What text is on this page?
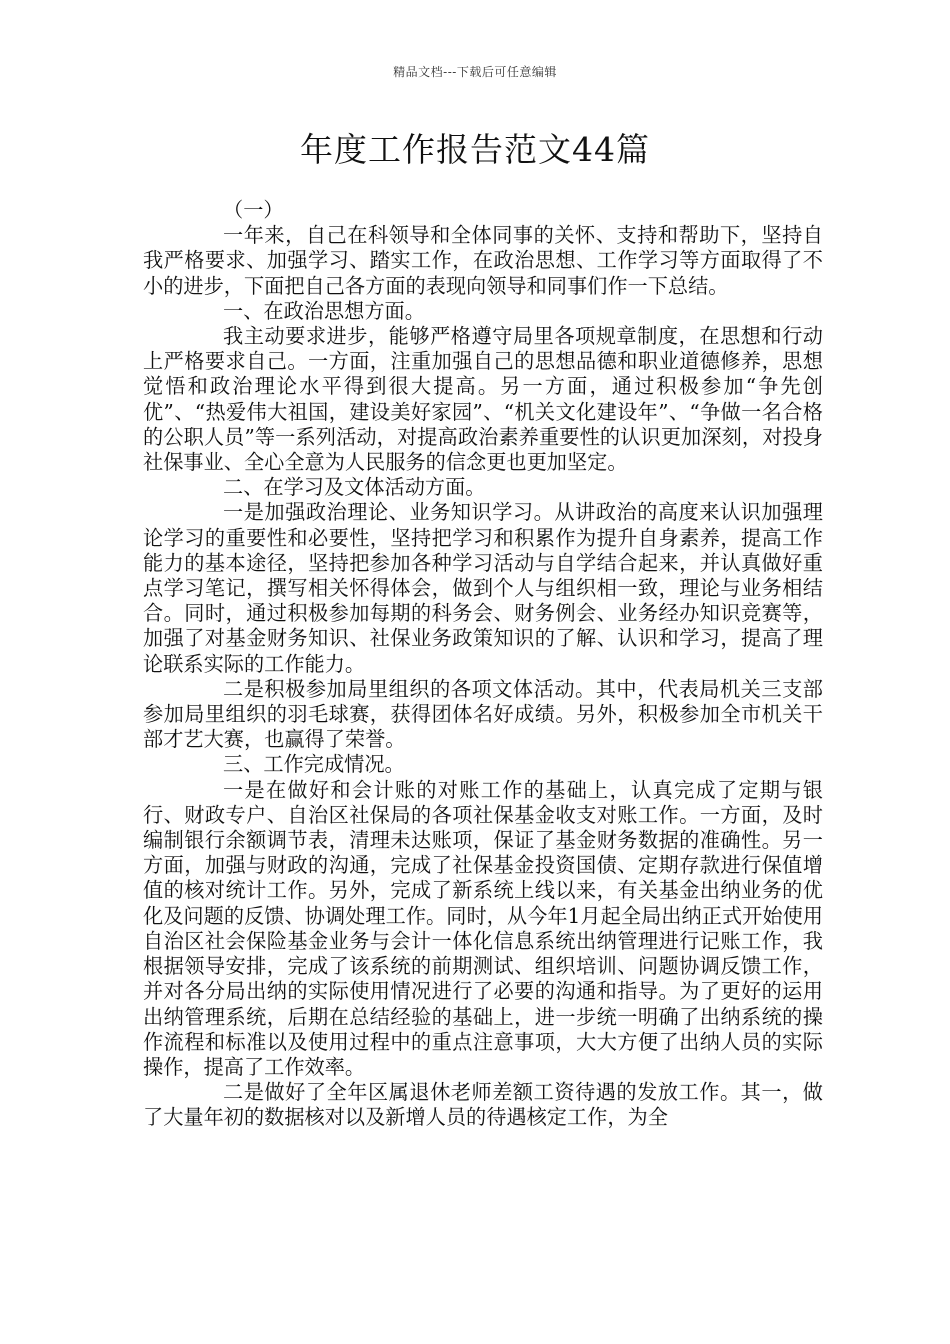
精品文档---下载后可任意编辑
年度工作报告范文44篇

（一）

一年来，自己在科领导和全体同事的关怀、支持和帮助下，坚持自我严格要求、加强学习、踏实工作，在政治思想、工作学习等方面取得了不小的进步，下面把自己各方面的表现向领导和同事们作一下总结。

一、在政治思想方面。

我主动要求进步，能够严格遵守局里各项规章制度，在思想和行动上严格要求自己。一方面，注重加强自己的思想品德和职业道德修养，思想觉悟和政治理论水平得到很大提高。另一方面，通过积极参加“争先创优”、“热爱伟大祖国，建设美好家园”、“机关文化建设年”、“争做一名合格的公职人员”等一系列活动，对提高政治素养重要性的认识更加深刻，对投身社保事业、全心全意为人民服务的信念更也更加坚定。

二、在学习及文体活动方面。

一是加强政治理论、业务知识学习。从讲政治的高度来认识加强理论学习的重要性和必要性，坚持把学习和积累作为提升自身素养，提高工作能力的基本途径，坚持把参加各种学习活动与自学结合起来，并认真做好重点学习笔记，撰写相关怀得体会，做到个人与组织相一致，理论与业务相结合。同时，通过积极参加每期的科务会、财务例会、业务经办知识竞赛等，加强了对基金财务知识、社保业务政策知识的了解、认识和学习，提高了理论联系实际的工作能力。

二是积极参加局里组织的各项文体活动。其中，代表局机关三支部参加局里组织的羽毛球赛，获得团体名好成绩。另外，积极参加全市机关干部才艺大赛，也赢得了荣誉。

三、工作完成情况。

一是在做好和会计账的对账工作的基础上，认真完成了定期与银行、财政专户、自治区社保局的各项社保基金收支对账工作。一方面，及时编制银行余额调节表，清理未达账项，保证了基金财务数据的准确性。另一方面，加强与财政的沟通，完成了社保基金投资国债、定期存款进行保值增值的核对统计工作。另外，完成了新系统上线以来，有关基金出纳业务的优化及问题的反馈、协调处理工作。同时，从今年1月起全局出纳正式开始使用自治区社会保险基金业务与会计一体化信息系统出纳管理进行记账工作，我根据领导安排，完成了该系统的前期测试、组织培训、问题协调反馈工作，并对各分局出纳的实际使用情况进行了必要的沟通和指导。为了更好的运用出纳管理系统，后期在总结经验的基础上，进一步统一明确了出纳系统的操作流程和标准以及使用过程中的重点注意事项，大大方便了出纳人员的实际操作，提高了工作效率。

二是做好了全年区属退休老师差额工资待遇的发放工作。其一，做了大量年初的数据核对以及新增人员的待遇核定工作，为全
